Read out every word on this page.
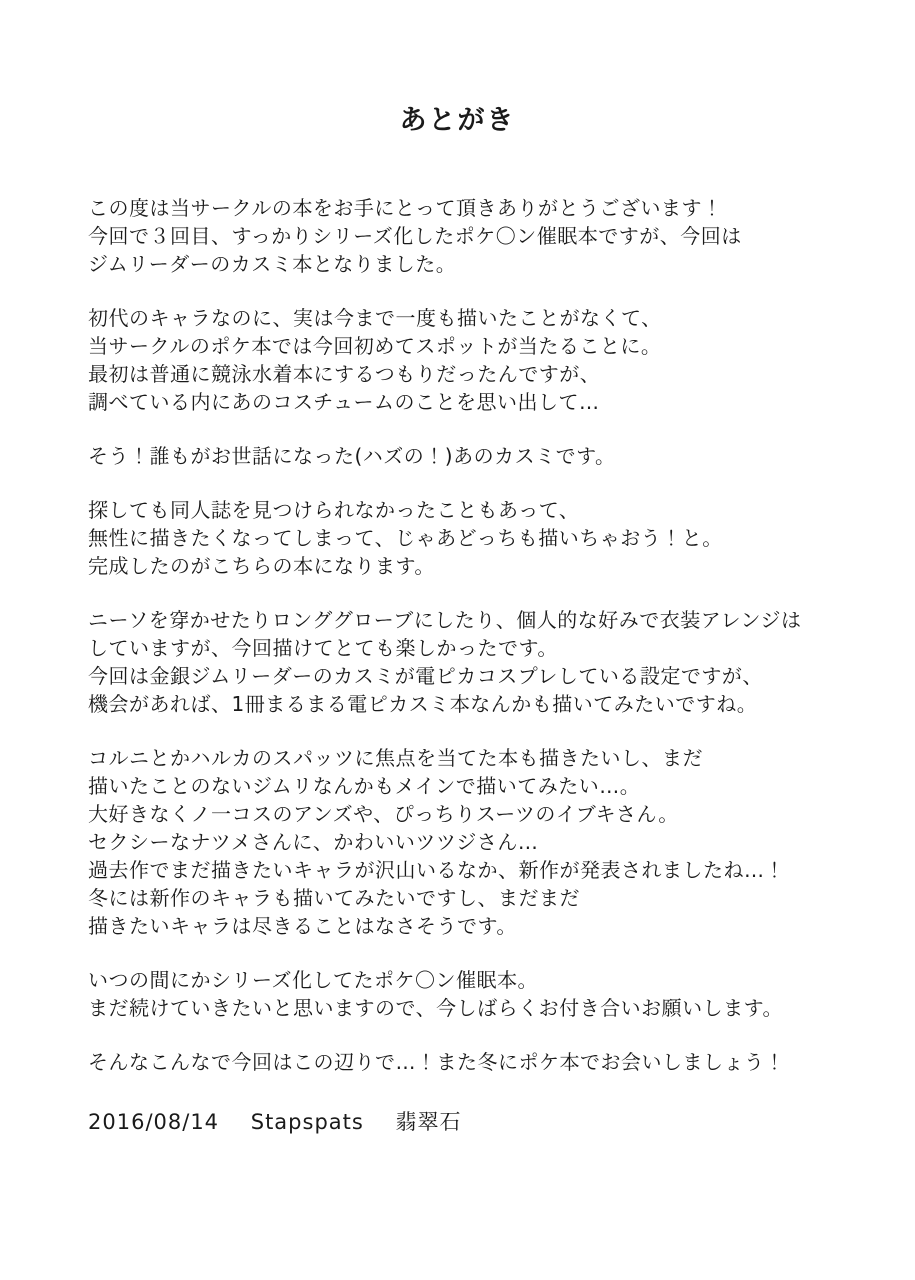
あとがき
この度は当サークルの本をお手にとって頂きありがとうございます！
今回で３回目、すっかりシリーズ化したポケ〇ン催眠本ですが、今回は
ジムリーダーのカスミ本となりました。
初代のキャラなのに、実は今まで一度も描いたことがなくて、
当サークルのポケ本では今回初めてスポットが当たることに。
最初は普通に競泳水着本にするつもりだったんですが、
調べている内にあのコスチュームのことを思い出して…
そう！誰もがお世話になった(ハズの！)あのカスミです。
探しても同人誌を見つけられなかったこともあって、
無性に描きたくなってしまって、じゃあどっちも描いちゃおう！と。
完成したのがこちらの本になります。
ニーソを穿かせたりロンググローブにしたり、個人的な好みで衣装アレンジは
していますが、今回描けてとても楽しかったです。
今回は金銀ジムリーダーのカスミが電ピカコスプレしている設定ですが、
機会があれば、1冊まるまる電ピカスミ本なんかも描いてみたいですね。
コルニとかハルカのスパッツに焦点を当てた本も描きたいし、まだ
描いたことのないジムリなんかもメインで描いてみたい…。
大好きなくノ一コスのアンズや、ぴっちりスーツのイブキさん。
セクシーなナツメさんに、かわいいツツジさん…
過去作でまだ描きたいキャラが沢山いるなか、新作が発表されましたね…！
冬には新作のキャラも描いてみたいですし、まだまだ
描きたいキャラは尽きることはなさそうです。
いつの間にかシリーズ化してたポケ〇ン催眠本。
まだ続けていきたいと思いますので、今しばらくお付き合いお願いします。
そんなこんなで今回はこの辺りで…！また冬にポケ本でお会いしましょう！
2016/08/14 Stapspats 翡翠石
